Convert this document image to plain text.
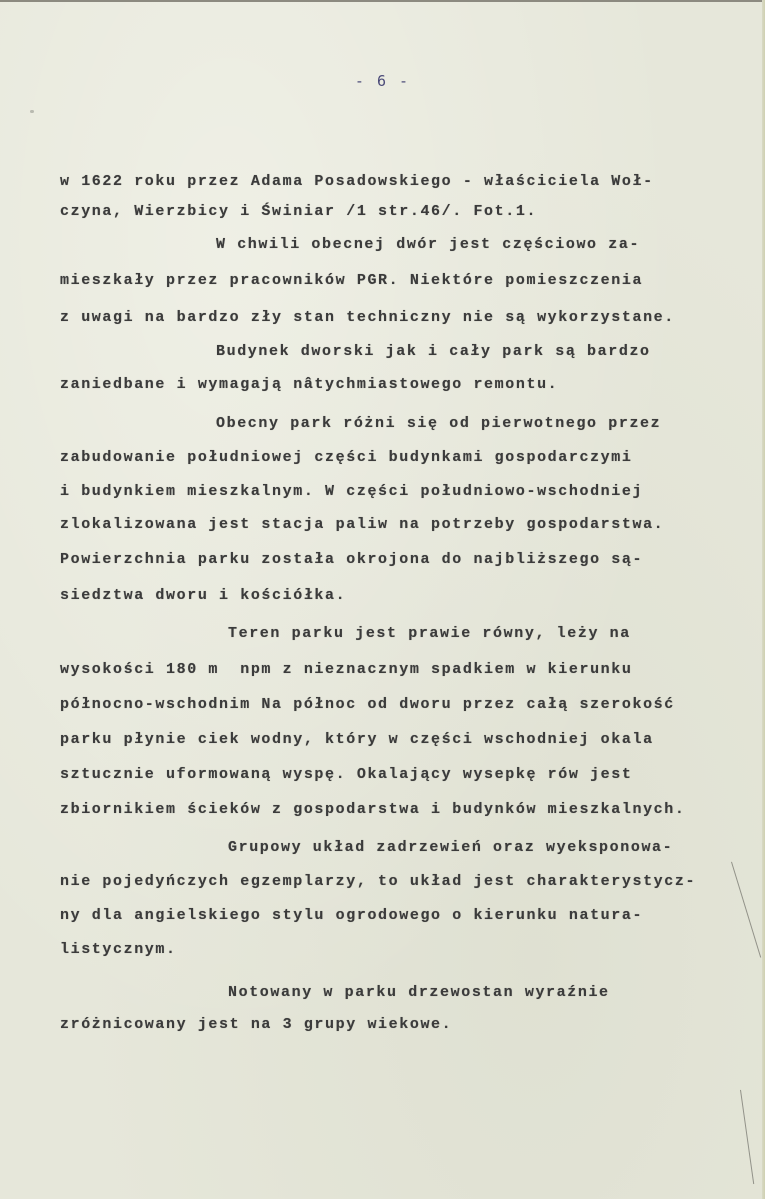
- 6 -
w 1622 roku przez Adama Posadowskiego - właściciela Woł-
czyna, Wierzbicy i Świniar /1 str.46/. Fot.1.
W chwili obecnej dwór jest częściowo za-
mieszkały przez pracowników PGR. Niektóre pomieszczenia
z uwagi na bardzo zły stan techniczny nie są wykorzystane.
Budynek dworski jak i cały park są bardzo
zaniedbane i wymagają nâtychmiastowego remontu.
Obecny park różni się od pierwotnego przez
zabudowanie południowej części budynkami gospodarczymi
i budynkiem mieszkalnym. W części południowo-wschodniej
zlokalizowana jest stacja paliw na potrzeby gospodarstwa.
Powierzchnia parku została okrojona do najbliższego są-
siedztwa dworu i kościółka.
Teren parku jest prawie równy, leży na
wysokości 180 m  npm z nieznacznym spadkiem w kierunku
północno-wschodnim Na północ od dworu przez całą szerokość
parku płynie ciek wodny, który w części wschodniej okala
sztucznie uformowaną wyspę. Okalający wysepkę rów jest
zbiornikiem ścieków z gospodarstwa i budynków mieszkalnych.
Grupowy układ zadrzewień oraz wyeksponowa-
nie pojedyńczych egzemplarzy, to układ jest charakterystycz-
ny dla angielskiego stylu ogrodowego o kierunku natura-
listycznym.
Notowany w parku drzewostan wyraźnie
zróżnicowany jest na 3 grupy wiekowe.
